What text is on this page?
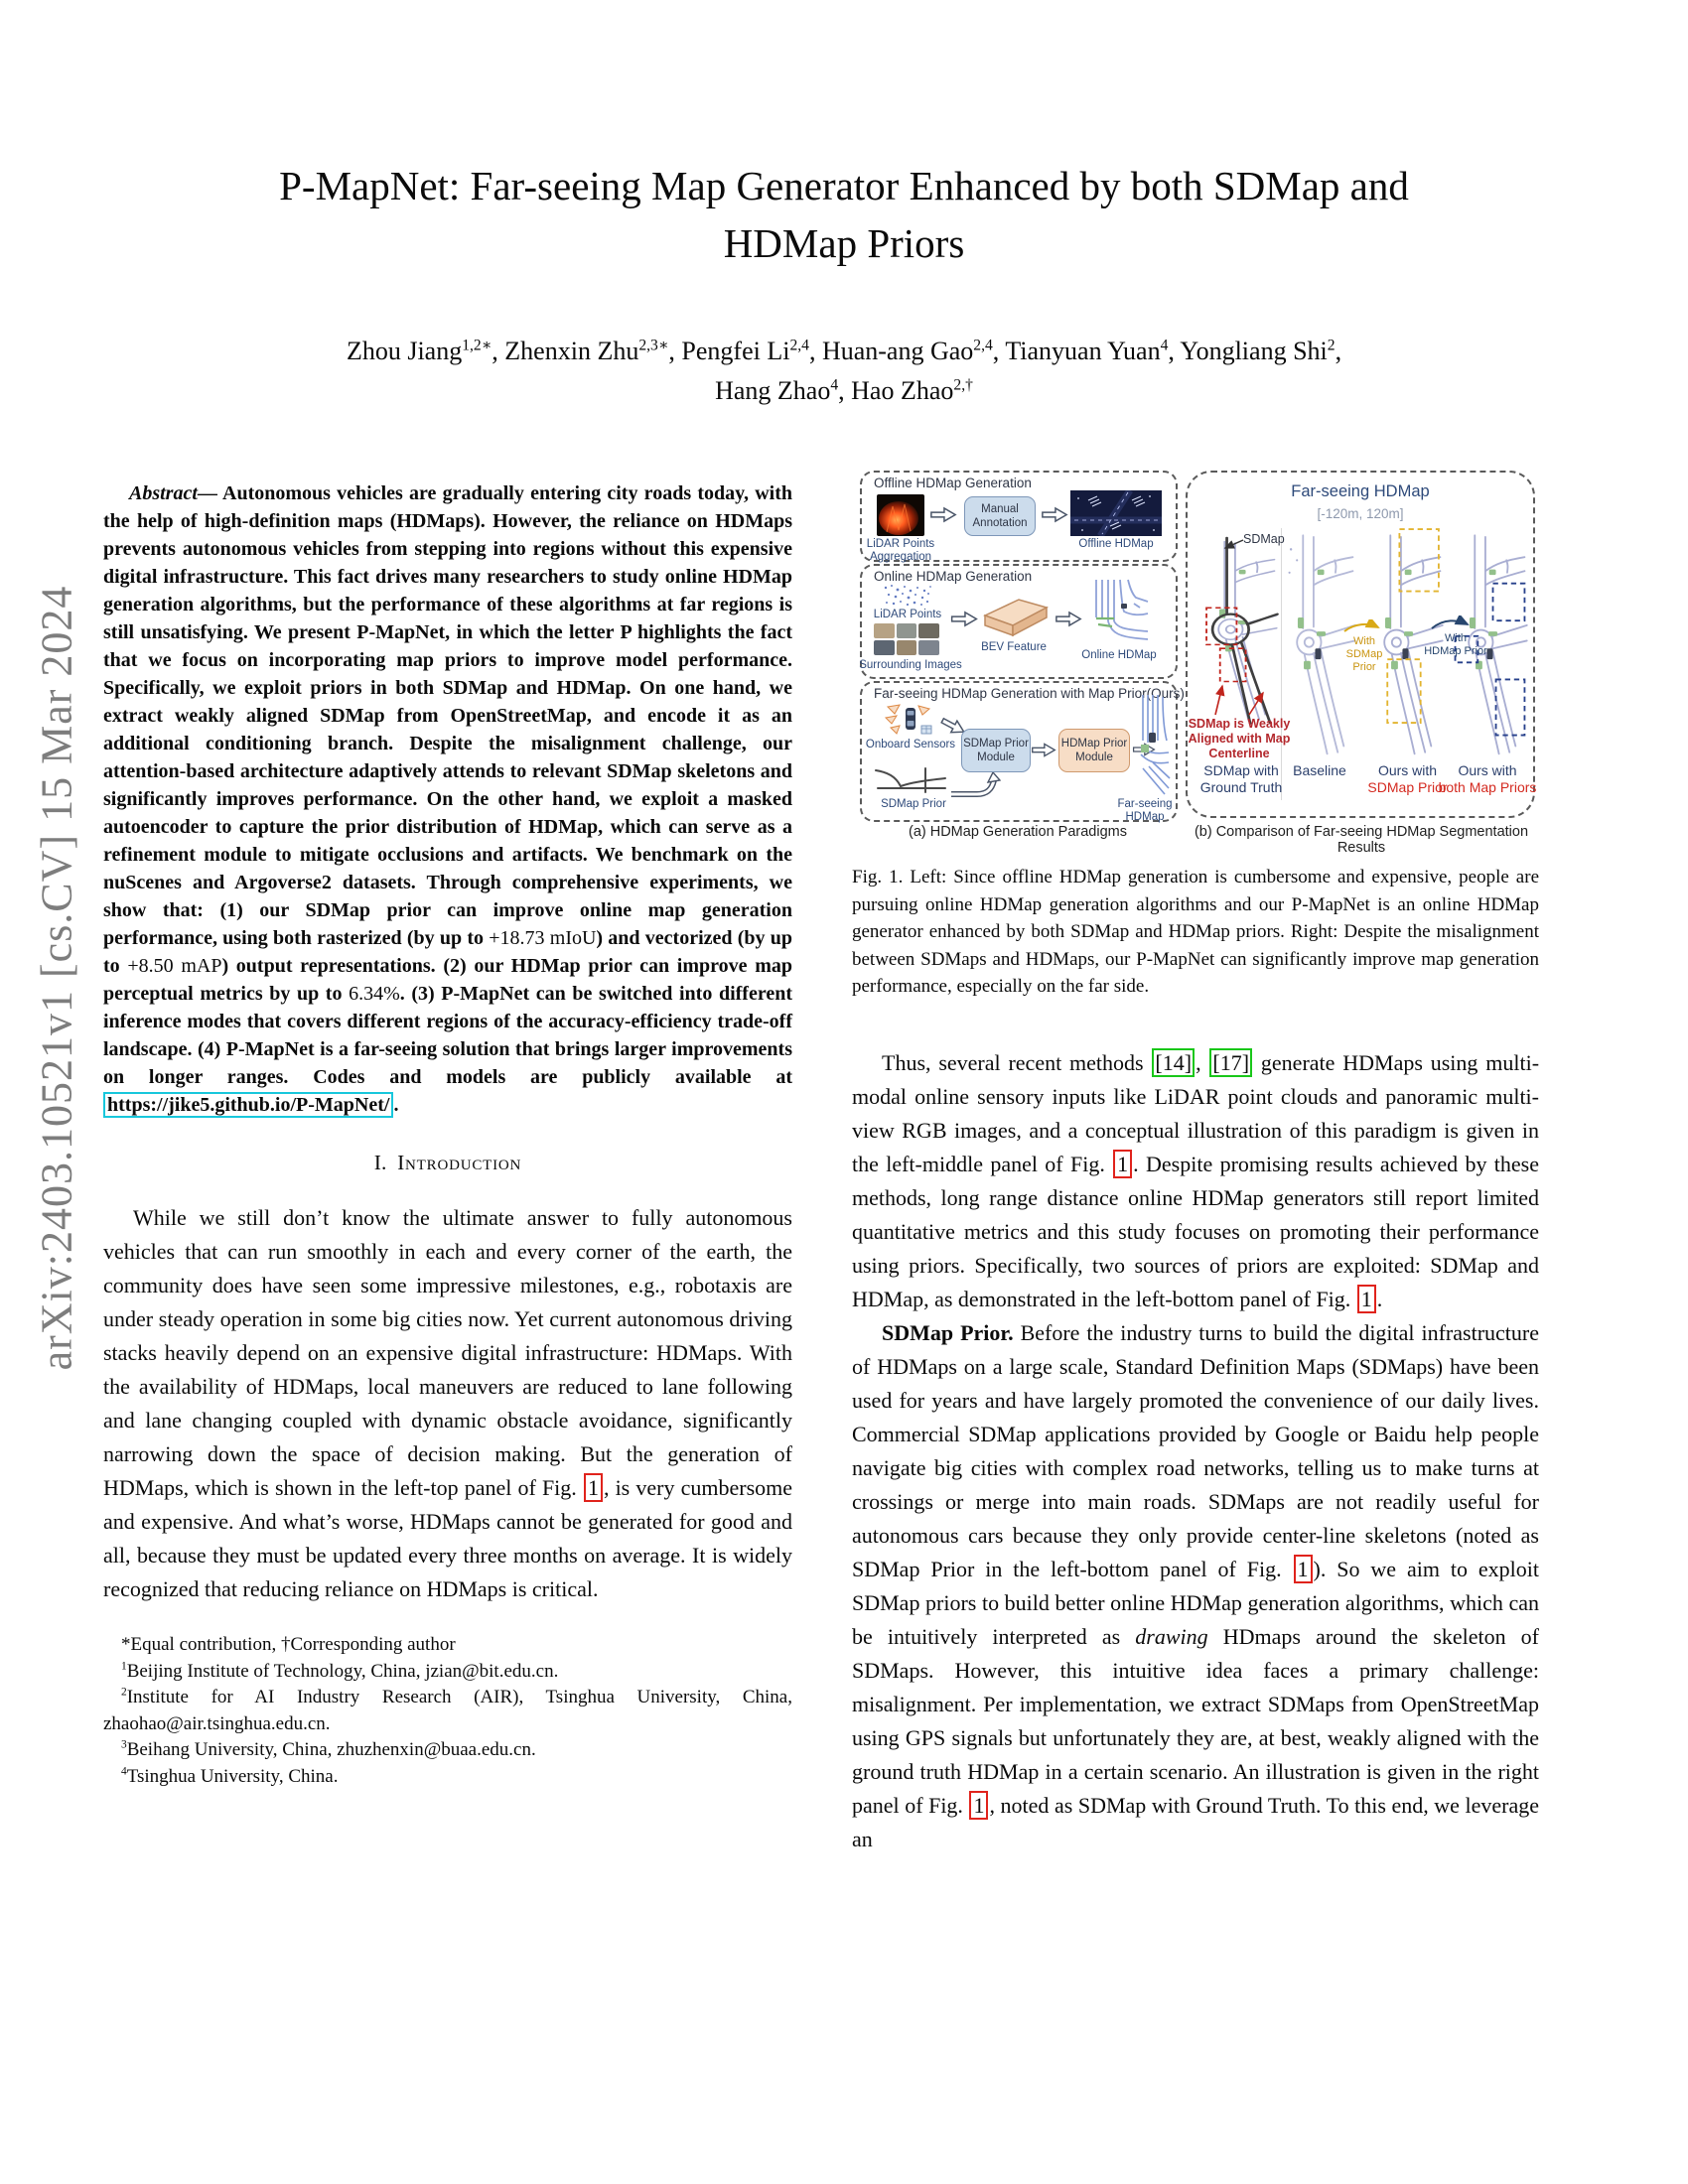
arXiv:2403.10521v1 [cs.CV] 15 Mar 2024
P-MapNet: Far-seeing Map Generator Enhanced by both SDMap and
HDMap Priors
Zhou Jiang$^{1,2∗}$, Zhenxin Zhu$^{2,3∗}$, Pengfei Li$^{2,4}$, Huan-ang Gao$^{2,4}$, Tianyuan Yuan$^4$, Yongliang Shi$^2$,
Hang Zhao$^4$, Hao Zhao$^{2,\dagger}$

Abstract— Autonomous vehicles are gradually entering city roads today, with the help of high-definition maps (HDMaps). However, the reliance on HDMaps prevents autonomous vehicles from stepping into regions without this expensive digital infrastructure. This fact drives many researchers to study online HDMap generation algorithms, but the performance of these algorithms at far regions is still unsatisfying. We present P-MapNet, in which the letter P highlights the fact that we focus on incorporating map priors to improve model performance. Specifically, we exploit priors in both SDMap and HDMap. On one hand, we extract weakly aligned SDMap from OpenStreetMap, and encode it as an additional conditioning branch. Despite the misalignment challenge, our attention-based architecture adaptively attends to relevant SDMap skeletons and significantly improves performance. On the other hand, we exploit a masked autoencoder to capture the prior distribution of HDMap, which can serve as a refinement module to mitigate occlusions and artifacts. We benchmark on the nuScenes and Argoverse2 datasets. Through comprehensive experiments, we show that: (1) our SDMap prior can improve online map generation performance, using both rasterized (by up to +18.73 mIoU) and vectorized (by up to +8.50 mAP) output representations. (2) our HDMap prior can improve map perceptual metrics by up to 6.34%. (3) P-MapNet can be switched into different inference modes that covers different regions of the accuracy-efficiency trade-off landscape. (4) P-MapNet is a far-seeing solution that brings larger improvements on longer ranges. Codes and models are publicly available at https://jike5.github.io/P-MapNet/ .

I. Introduction

While we still don’t know the ultimate answer to fully autonomous vehicles that can run smoothly in each and every corner of the earth, the community does have seen some impressive milestones, e.g., robotaxis are under steady operation in some big cities now. Yet current autonomous driving stacks heavily depend on an expensive digital infrastructure: HDMaps. With the availability of HDMaps, local maneuvers are reduced to lane following and lane changing coupled with dynamic obstacle avoidance, significantly narrowing down the space of decision making. But the generation of HDMaps, which is shown in the left-top panel of Fig. 1 , is very cumbersome and expensive. And what’s worse, HDMaps cannot be generated for good and all, because they must be updated every three months on average. It is widely recognized that reducing reliance on HDMaps is critical.

*Equal contribution, †Corresponding author

$^1$Beijing Institute of Technology, China, jzian@bit.edu.cn.

$^2$Institute for AI Industry Research (AIR), Tsinghua University, China, zhaohao@air.tsinghua.edu.cn.

$^3$Beihang University, China, zhuzhenxin@buaa.edu.cn.

$^4$Tsinghua University, China.

Offline HDMap Generation
LiDAR Points Aggregation
Manual Annotation
Offline HDMap
Online HDMap Generation
LiDAR Points
Surrounding Images
BEV Feature
Online HDMap
Far-seeing HDMap Generation with Map Prior(Ours)
Onboard Sensors SDMap Prior Module
SDMap Prior
HDMap Prior Module
Far-seeing HDMap
(a) HDMap Generation Paradigms
Far-seeing HDMap
[-120m, 120m]
SDMap
SDMap is Weakly Aligned with Map Centerline
With
SDMap Prior
With
HDMap Prior
SDMap with
Ground Truth
Baseline	Ours with
SDMap Prior
Ours with
both Map Priors
(b) Comparison of Far-seeing HDMap Segmentation Results

Fig. 1. Left: Since offline HDMap generation is cumbersome and expensive, people are pursuing online HDMap generation algorithms and our P-MapNet is an online HDMap generator enhanced by both SDMap and HDMap priors. Right: Despite the misalignment between SDMaps and HDMaps, our P-MapNet can significantly improve map generation performance, especially on the far side.

Thus, several recent methods [14] , [17] generate HDMaps using multi-modal online sensory inputs like LiDAR point clouds and panoramic multi-view RGB images, and a conceptual illustration of this paradigm is given in the left-middle panel of Fig. 1 . Despite promising results achieved by these methods, long range distance online HDMap generators still report limited quantitative metrics and this study focuses on promoting their performance using priors. Specifically, two sources of priors are exploited: SDMap and HDMap, as demonstrated in the left-bottom panel of Fig. 1 .

SDMap Prior. Before the industry turns to build the digital infrastructure of HDMaps on a large scale, Standard Definition Maps (SDMaps) have been used for years and have largely promoted the convenience of our daily lives. Commercial SDMap applications provided by Google or Baidu help people navigate big cities with complex road networks, telling us to make turns at crossings or merge into main roads. SDMaps are not readily useful for autonomous cars because they only provide center-line skeletons (noted as SDMap Prior in the left-bottom panel of Fig. 1 ). So we aim to exploit SDMap priors to build better online HDMap generation algorithms, which can be intuitively interpreted as drawing HDmaps around the skeleton of SDMaps. However, this intuitive idea faces a primary challenge: misalignment. Per implementation, we extract SDMaps from OpenStreetMap using GPS signals but unfortunately they are, at best, weakly aligned with the ground truth HDMap in a certain scenario. An illustration is given in the right panel of Fig. 1 , noted as SDMap with Ground Truth. To this end, we leverage an
